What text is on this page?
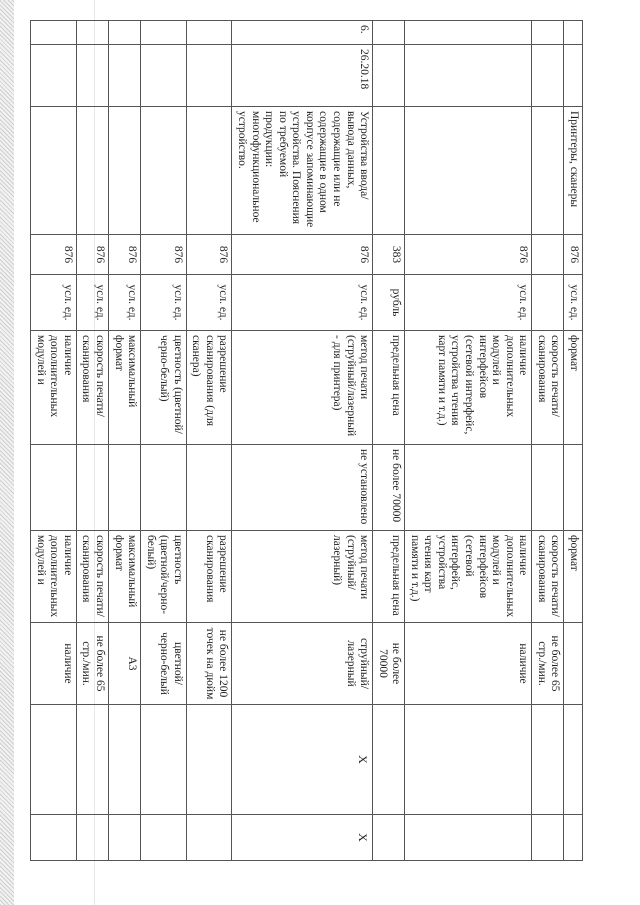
		Принтеры, сканеры	876	усл. ед.	формат		формат			
					скорость печати/сканирования		скорость печати/сканирования	не более 65 стр./мин.		
			876	усл. ед.	наличие дополнительных модулей и интерфейсов (сетевой интерфейс, устройства чтения карт памяти и т.д.)		наличие дополнительных модулей и интерфейсов (сетевой интерфейс, устройства чтения карт памяти и т.д.)	наличие		
			383	рубль	предельная цена	не более 70000	предельная цена	не более 70000		
6.	26.20.18	Устройства ввода/вывода данных, содержащие или не содержащие в одном корпусе запоминающие устройства. Пояснения по требуемой продукции: многофункциональное устройство.	876	усл. ед.	метод печати (струйный/лазерный - для принтера)	не установлено	метод печати (струйный/лазерный)	струйный/лазерный	Х	Х
			876	усл. ед.	разрешение сканирования (для сканера)		разрешение сканирования	не более 1200 точек на дюйм		
			876	усл. ед.	цветность (цветной/черно-белый)		цветность (цветной/черно-белый)	цветной/черно-белый		
			876	усл. ед.	максимальный формат		максимальный формат	А3		
			876	усл. ед.	скорость печати/сканирования		скорость печати/сканирования	не более 65 стр./мин.		
			876	усл. ед.	наличие дополнительных модулей и		наличие дополнительных модулей и	наличие		
